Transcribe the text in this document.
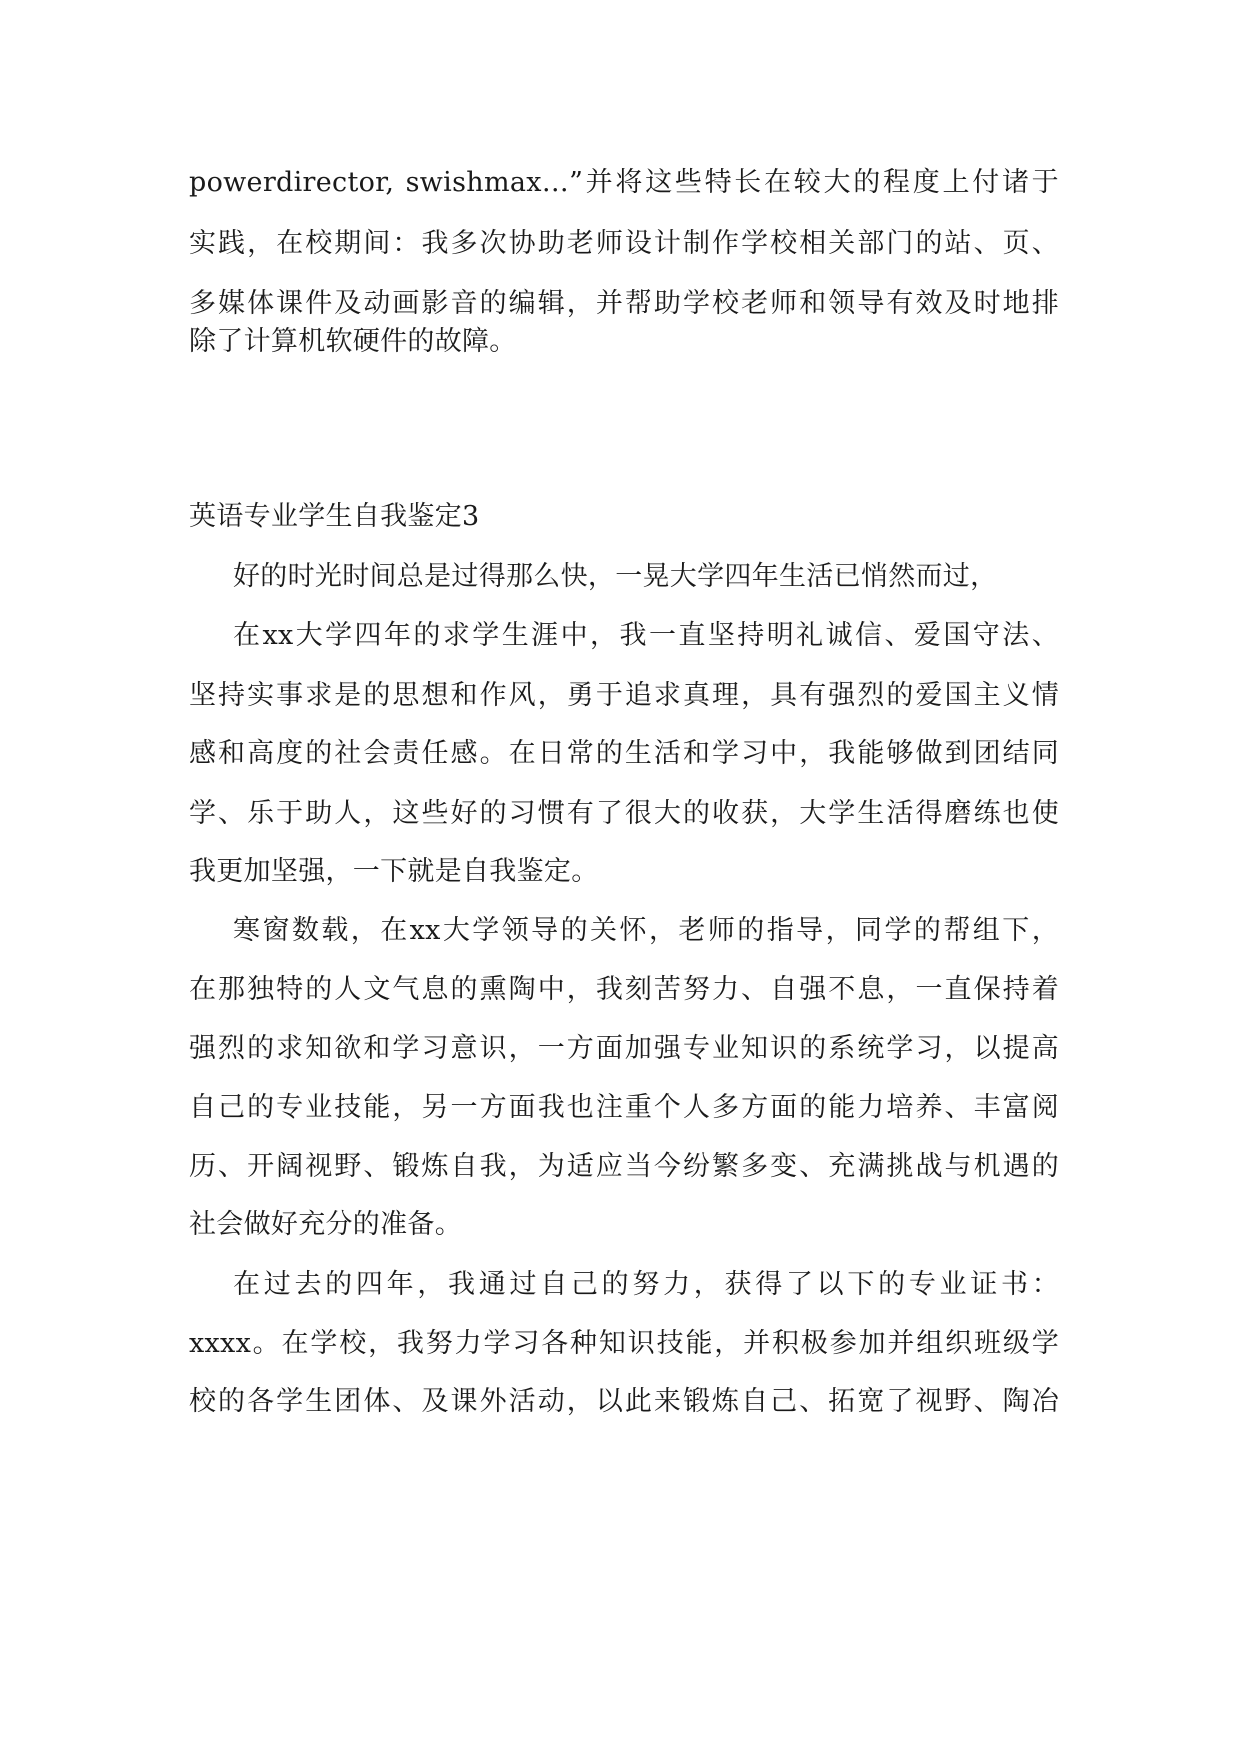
powerdirector, swishmax…”并将这些特长在较大的程度上付诸于
实践，在校期间：我多次协助老师设计制作学校相关部门的站、页、
多媒体课件及动画影音的编辑，并帮助学校老师和领导有效及时地排
除了计算机软硬件的故障。
英语专业学生自我鉴定3
好的时光时间总是过得那么快，一晃大学四年生活已悄然而过，
在xx大学四年的求学生涯中，我一直坚持明礼诚信、爱国守法、
坚持实事求是的思想和作风，勇于追求真理，具有强烈的爱国主义情
感和高度的社会责任感。在日常的生活和学习中，我能够做到团结同
学、乐于助人，这些好的习惯有了很大的收获，大学生活得磨练也使
我更加坚强，一下就是自我鉴定。
寒窗数载，在xx大学领导的关怀，老师的指导，同学的帮组下，
在那独特的人文气息的熏陶中，我刻苦努力、自强不息，一直保持着
强烈的求知欲和学习意识，一方面加强专业知识的系统学习，以提高
自己的专业技能，另一方面我也注重个人多方面的能力培养、丰富阅
历、开阔视野、锻炼自我，为适应当今纷繁多变、充满挑战与机遇的
社会做好充分的准备。
在过去的四年，我通过自己的努力，获得了以下的专业证书：
xxxx。在学校，我努力学习各种知识技能，并积极参加并组织班级学
校的各学生团体、及课外活动，以此来锻炼自己、拓宽了视野、陶冶
